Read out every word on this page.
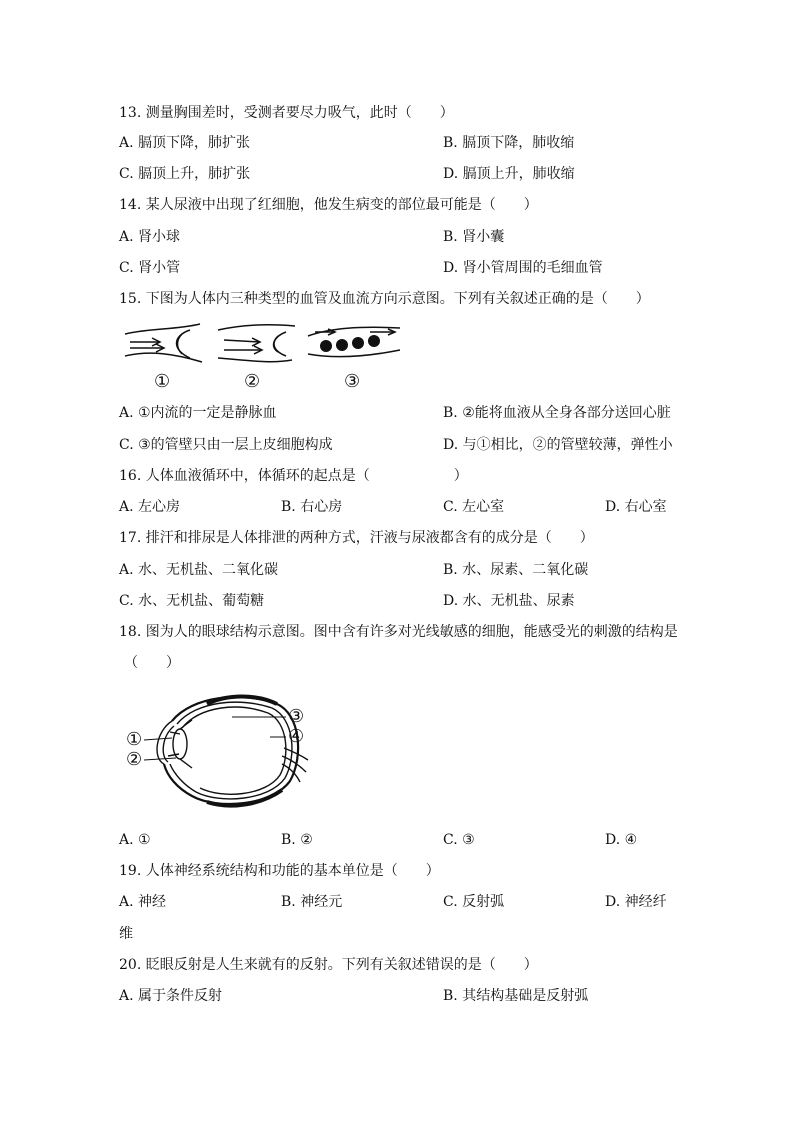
13. 测量胸围差时，受测者要尽力吸气，此时（　　）
A. 膈顶下降，肺扩张	B. 膈顶下降，肺收缩
C. 膈顶上升，肺扩张	D. 膈顶上升，肺收缩
14. 某人尿液中出现了红细胞，他发生病变的部位最可能是（　　）
A. 肾小球	B. 肾小囊
C. 肾小管	D. 肾小管周围的毛细血管
15. 下图为人体内三种类型的血管及血流方向示意图。下列有关叙述正确的是（　　）
①	②	③
A. ①内流的一定是静脉血	B. ②能将血液从全身各部分送回心脏
C. ③的管壁只由一层上皮细胞构成	D. 与①相比，②的管壁较薄，弹性小
16. 人体血液循环中，体循环的起点是（　　　　　　）
A. 左心房	B. 右心房	C. 左心室	D. 右心室
17. 排汗和排尿是人体排泄的两种方式，汗液与尿液都含有的成分是（　　）
A. 水、无机盐、二氧化碳	B. 水、尿素、二氧化碳
C. 水、无机盐、葡萄糖	D. 水、无机盐、尿素
18. 图为人的眼球结构示意图。图中含有许多对光线敏感的细胞，能感受光的刺激的结构是
（　　）
①
②
③
④
A. ①	B. ②	C. ③	D. ④
19. 人体神经系统结构和功能的基本单位是（　　）
A. 神经	B. 神经元	C. 反射弧	D. 神经纤
维
20. 眨眼反射是人生来就有的反射。下列有关叙述错误的是（　　）
A. 属于条件反射	B. 其结构基础是反射弧
